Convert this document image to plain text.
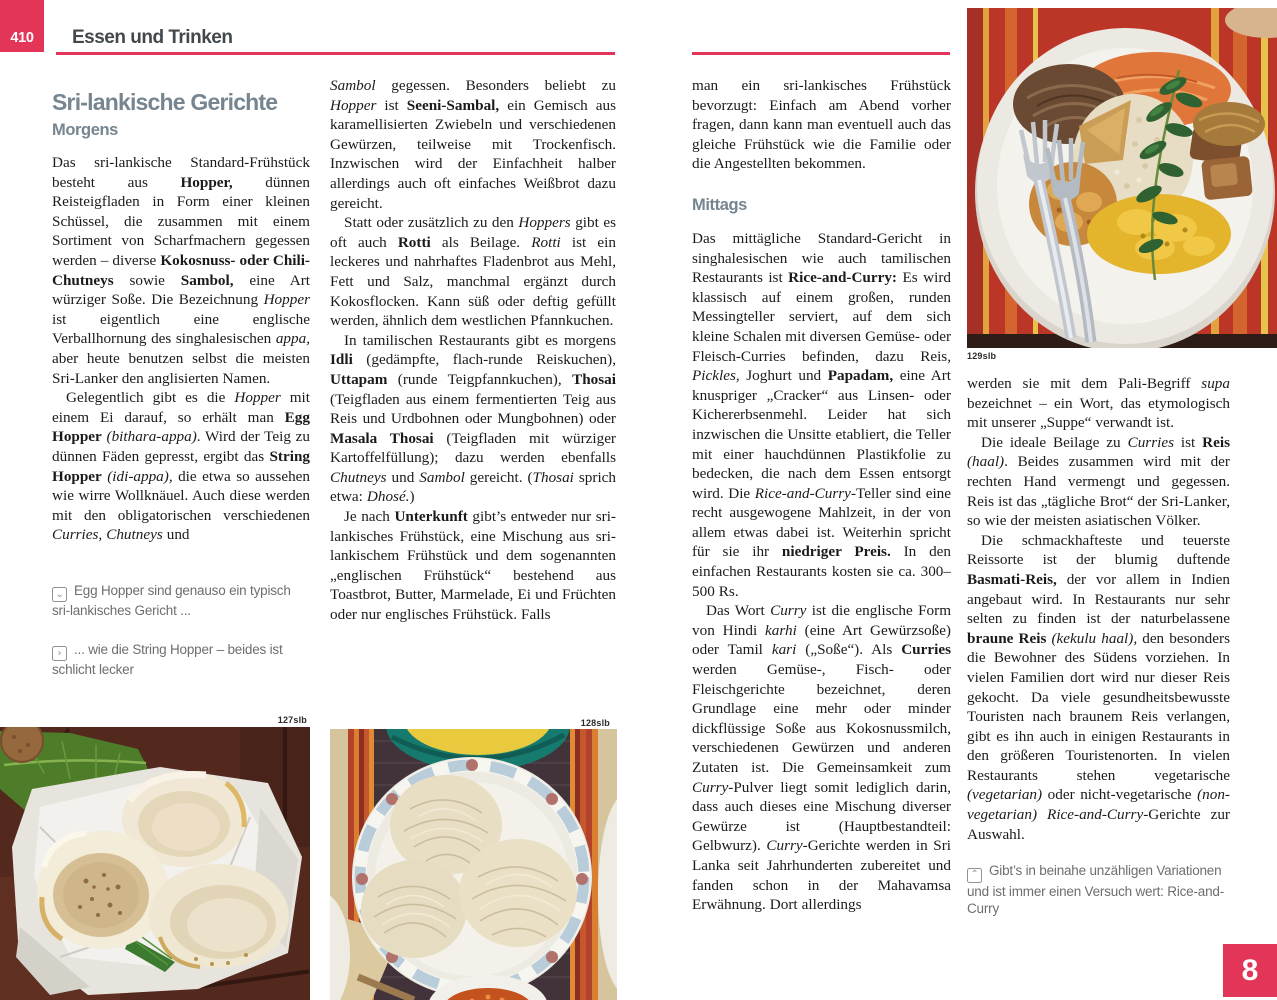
410 Essen und Trinken
Sri-lankische Gerichte
Morgens

Das sri-lankische Standard-Frühstück besteht aus Hopper, dünnen Reisteigfladen in Form einer kleinen Schüssel, die zusammen mit einem Sortiment von Scharfmachern gegessen werden – diverse Kokosnuss- oder Chili-Chutneys sowie Sambol, eine Art würziger Soße. Die Bezeichnung Hopper ist eigentlich eine englische Verballhornung des singhalesischen appa, aber heute benutzen selbst die meisten Sri-Lanker den anglisierten Namen.

Gelegentlich gibt es die Hopper mit einem Ei darauf, so erhält man Egg Hopper (bithara-appa). Wird der Teig zu dünnen Fäden gepresst, ergibt das String Hopper (idi-appa), die etwa so aussehen wie wirre Wollknäuel. Auch diese werden mit den obligatorischen verschiedenen Curries, Chutneys und

⌄ Egg Hopper sind genauso ein typisch sri-lankisches Gericht ...
› ... wie die String Hopper – beides ist schlicht lecker

Sambol gegessen. Besonders beliebt zu Hopper ist Seeni-Sambal, ein Gemisch aus karamellisierten Zwiebeln und verschiedenen Gewürzen, teilweise mit Trockenfisch. Inzwischen wird der Einfachheit halber allerdings auch oft einfaches Weißbrot dazu gereicht.

Statt oder zusätzlich zu den Hoppers gibt es oft auch Rotti als Beilage. Rotti ist ein leckeres und nahrhaftes Fladenbrot aus Mehl, Fett und Salz, manchmal ergänzt durch Kokosflocken. Kann süß oder deftig gefüllt werden, ähnlich dem westlichen Pfannkuchen.

In tamilischen Restaurants gibt es morgens Idli (gedämpfte, flach-runde Reiskuchen), Uttapam (runde Teigpfannkuchen), Thosai (Teigfladen aus einem fermentierten Teig aus Reis und Urdbohnen oder Mungbohnen) oder Masala Thosai (Teigfladen mit würziger Kartoffelfüllung); dazu werden ebenfalls Chutneys und Sambol gereicht. (Thosai sprich etwa: Dhosé.)

Je nach Unterkunft gibt’s entweder nur sri-lankisches Frühstück, eine Mischung aus sri-lankischem Frühstück und dem sogenannten „englischen Frühstück“ bestehend aus Toastbrot, Butter, Marmelade, Ei und Früchten oder nur englisches Frühstück. Falls

man ein sri-lankisches Frühstück bevorzugt: Einfach am Abend vorher fragen, dann kann man eventuell auch das gleiche Frühstück wie die Familie oder die Angestellten bekommen.

Mittags

Das mittägliche Standard-Gericht in singhalesischen wie auch tamilischen Restaurants ist Rice-and-Curry: Es wird klassisch auf einem großen, runden Messingteller serviert, auf dem sich kleine Schalen mit diversen Gemüse- oder Fleisch-Curries befinden, dazu Reis, Pickles, Joghurt und Papadam, eine Art knuspriger „Cracker“ aus Linsen- oder Kichererbsenmehl. Leider hat sich inzwischen die Unsitte etabliert, die Teller mit einer hauchdünnen Plastikfolie zu bedecken, die nach dem Essen entsorgt wird. Die Rice-and-Curry-Teller sind eine recht ausgewogene Mahlzeit, in der von allem etwas dabei ist. Weiterhin spricht für sie ihr niedriger Preis. In den einfachen Restaurants kosten sie ca. 300–500 Rs.

Das Wort Curry ist die englische Form von Hindi karhi (eine Art Gewürzsoße) oder Tamil kari („Soße“). Als Curries werden Gemüse-, Fisch- oder Fleischgerichte bezeichnet, deren Grundlage eine mehr oder minder dickflüssige Soße aus Kokosnussmilch, verschiedenen Gewürzen und anderen Zutaten ist. Die Gemeinsamkeit zum Curry-Pulver liegt somit lediglich darin, dass auch dieses eine Mischung diverser Gewürze ist (Hauptbestandteil: Gelbwurz). Curry-Gerichte werden in Sri Lanka seit Jahrhunderten zubereitet und fanden schon in der Mahavamsa Erwähnung. Dort allerdings

werden sie mit dem Pali-Begriff supa bezeichnet – ein Wort, das etymologisch mit unserer „Suppe“ verwandt ist.

Die ideale Beilage zu Curries ist Reis (haal). Beides zusammen wird mit der rechten Hand vermengt und gegessen. Reis ist das „tägliche Brot“ der Sri-Lanker, so wie der meisten asiatischen Völker.

Die schmackhafteste und teuerste Reissorte ist der blumig duftende Basmati-Reis, der vor allem in Indien angebaut wird. In Restaurants nur sehr selten zu finden ist der naturbelassene braune Reis (kekulu haal), den besonders die Bewohner des Südens vorziehen. In vielen Familien dort wird nur dieser Reis gekocht. Da viele gesundheitsbewusste Touristen nach braunem Reis verlangen, gibt es ihn auch in einigen Restaurants in den größeren Touristenorten. In vielen Restaurants stehen vegetarische (vegetarian) oder nicht-vegetarische (non-vegetarian) Rice-and-Curry-Gerichte zur Auswahl.

⌃ Gibt’s in beinahe unzähligen Variationen und ist immer einen Versuch wert: Rice-and-Curry
127slb	128slb
129slb
8
